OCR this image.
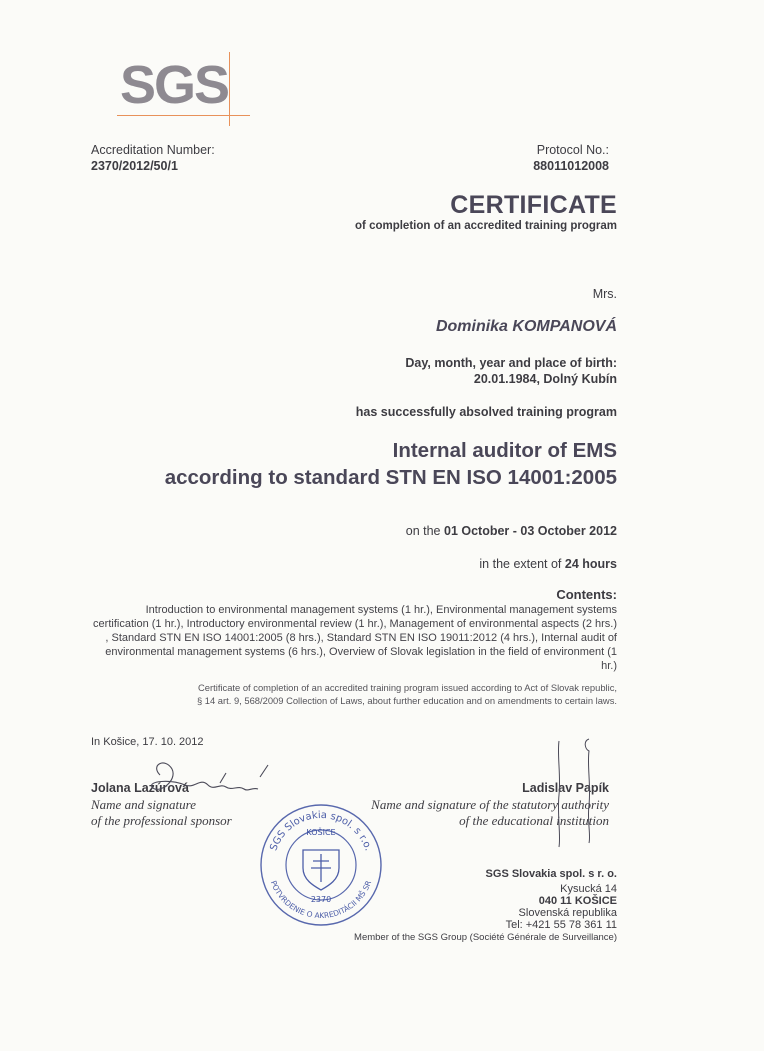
SGS
Accreditation Number:
2370/2012/50/1
Protocol No.:
88011012008
CERTIFICATE
of completion of an accredited training program
Mrs.
Dominika KOMPANOVÁ
Day, month, year and place of birth:
20.01.1984, Dolný Kubín
has successfully absolved training program
Internal auditor of EMS
according to standard STN EN ISO 14001:2005
on the 01 October - 03 October 2012
in the extent of 24 hours
Contents:
Introduction to environmental management systems (1 hr.), Environmental management systems certification (1 hr.), Introductory environmental review (1 hr.), Management of environmental aspects (2 hrs.) , Standard STN EN ISO 14001:2005 (8 hrs.), Standard STN EN ISO 19011:2012 (4 hrs.), Internal audit of environmental management systems (6 hrs.), Overview of Slovak legislation in the field of environment (1 hr.)
Certificate of completion of an accredited training program issued according to Act of Slovak republic,
§ 14 art. 9, 568/2009 Collection of Laws, about further education and on amendments to certain laws.
In Košice, 17. 10. 2012
Jolana Lazúrová
Name and signature
of the professional sponsor
Ladislav Papík
Name and signature of the statutory authority
of the educational institution
SGS Slovakia spol. s r.o.
KOŠICE
2370
POTVRDENIE O AKREDITÁCII MŠ SR
SGS Slovakia spol. s r. o.
Kysucká 14
040 11 KOŠICE
Slovenská republika
Tel: +421 55 78 361 11
Member of the SGS Group (Société Générale de Surveillance)
